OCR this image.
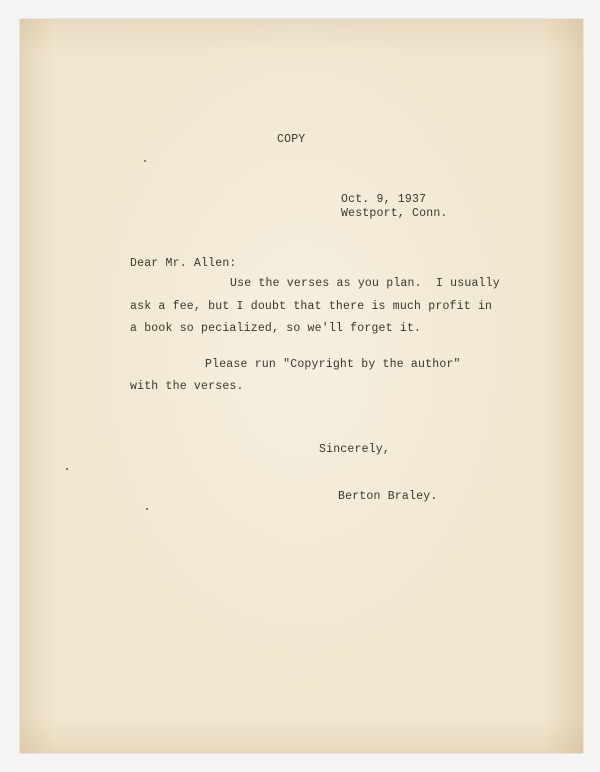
COPY
Oct. 9, 1937
Westport, Conn.
Dear Mr. Allen:
Use the verses as you plan.  I usually
ask a fee, but I doubt that there is much profit in
a book so pecialized, so we'll forget it.
Please run "Copyright by the author"
with the verses.
Sincerely,
Berton Braley.
